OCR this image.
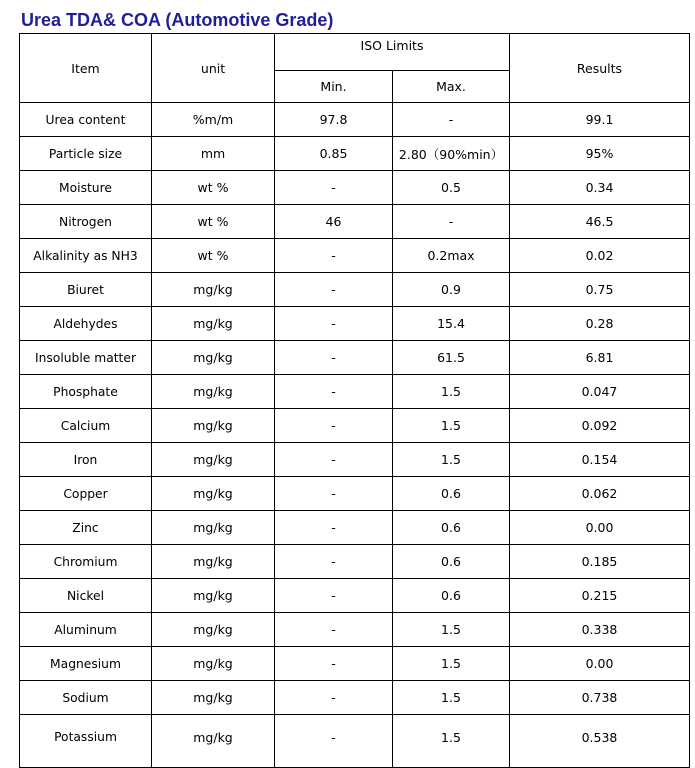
Urea TDA& COA (Automotive Grade)
Item	unit	ISO Limits		Results
		Min.	Max.	
Urea content	%m/m	97.8	-	99.1
Particle size	mm	0.85	2.80（90%min）	95%
Moisture	wt %	-	0.5	0.34
Nitrogen	wt %	46	-	46.5
Alkalinity as NH3	wt %	-	0.2max	0.02
Biuret	mg/kg	-	0.9	0.75
Aldehydes	mg/kg	-	15.4	0.28
Insoluble matter	mg/kg	-	61.5	6.81
Phosphate	mg/kg	-	1.5	0.047
Calcium	mg/kg	-	1.5	0.092
Iron	mg/kg	-	1.5	0.154
Copper	mg/kg	-	0.6	0.062
Zinc	mg/kg	-	0.6	0.00
Chromium	mg/kg	-	0.6	0.185
Nickel	mg/kg	-	0.6	0.215
Aluminum	mg/kg	-	1.5	0.338
Magnesium	mg/kg	-	1.5	0.00
Sodium	mg/kg	-	1.5	0.738
Potassium	mg/kg	-	1.5	0.538
